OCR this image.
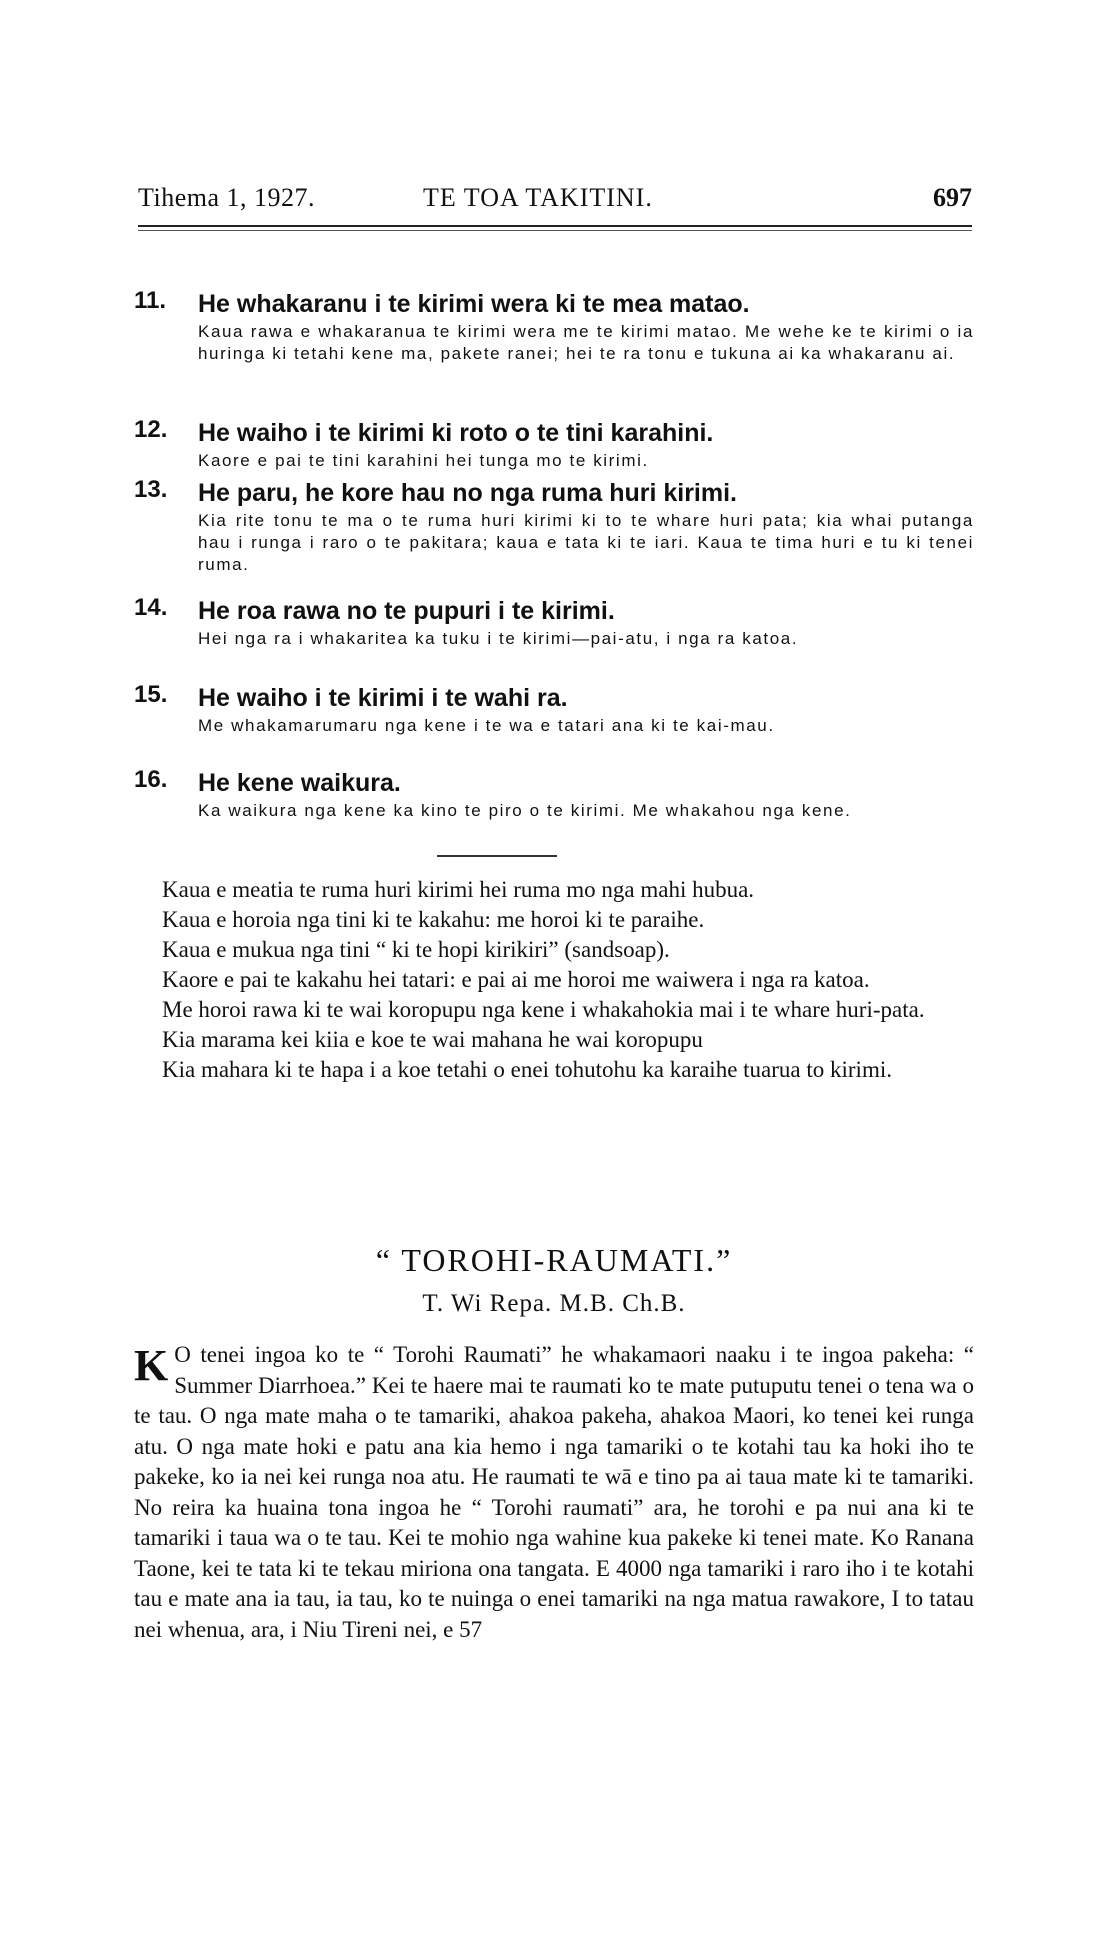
Tihema 1, 1927.	TE TOA TAKITINI.	697
11. He whakaranu i te kirimi wera ki te mea matao.
Kaua rawa e whakaranua te kirimi wera me te kirimi matao. Me wehe ke te kirimi o ia huringa ki tetahi kene ma, pakete ranei; hei te ra tonu e tukuna ai ka whakaranu ai.
12. He waiho i te kirimi ki roto o te tini karahini.
Kaore e pai te tini karahini hei tunga mo te kirimi.
13. He paru, he kore hau no nga ruma huri kirimi.
Kia rite tonu te ma o te ruma huri kirimi ki to te whare huri pata; kia whai putanga hau i runga i raro o te pakitara; kaua e tata ki te iari. Kaua te tima huri e tu ki tenei ruma.
14. He roa rawa no te pupuri i te kirimi.
Hei nga ra i whakaritea ka tuku i te kirimi—pai-atu, i nga ra katoa.
15. He waiho i te kirimi i te wahi ra.
Me whakamarumaru nga kene i te wa e tatari ana ki te kai-mau.
16. He kene waikura.
Ka waikura nga kene ka kino te piro o te kirimi. Me whakahou nga kene.

Kaua e meatia te ruma huri kirimi hei ruma mo nga mahi hubua.

Kaua e horoia nga tini ki te kakahu: me horoi ki te paraihe.

Kaua e mukua nga tini “ ki te hopi kirikiri” (sandsoap).

Kaore e pai te kakahu hei tatari: e pai ai me horoi me waiwera i nga ra katoa.

Me horoi rawa ki te wai koropupu nga kene i whakahokia mai i te whare huri-pata.

Kia marama kei kiia e koe te wai mahana he wai koropupu

Kia mahara ki te hapa i a koe tetahi o enei tohutohu ka karaihe tuarua to kirimi.

“ TOROHI-RAUMATI.”
T. Wi Repa. M.B. Ch.B.
K O tenei ingoa ko te “ Torohi Raumati” he whakamaori naaku i te ingoa pakeha: “ Summer Diarrhoea.” Kei te haere mai te raumati ko te mate putuputu tenei o tena wa o te tau. O nga mate maha o te tamariki, ahakoa pakeha, ahakoa Maori, ko tenei kei runga atu. O nga mate hoki e patu ana kia hemo i nga tamariki o te kotahi tau ka hoki iho te pakeke, ko ia nei kei runga noa atu. He raumati te wā e tino pa ai taua mate ki te tamariki. No reira ka huaina tona ingoa he “ Torohi raumati” ara, he torohi e pa nui ana ki te tamariki i taua wa o te tau. Kei te mohio nga wahine kua pakeke ki tenei mate. Ko Ranana Taone, kei te tata ki te tekau miriona ona tangata. E 4000 nga tamariki i raro iho i te kotahi tau e mate ana ia tau, ia tau, ko te nuinga o enei tamariki na nga matua rawakore, I to tatau nei whenua, ara, i Niu Tireni nei, e 57
